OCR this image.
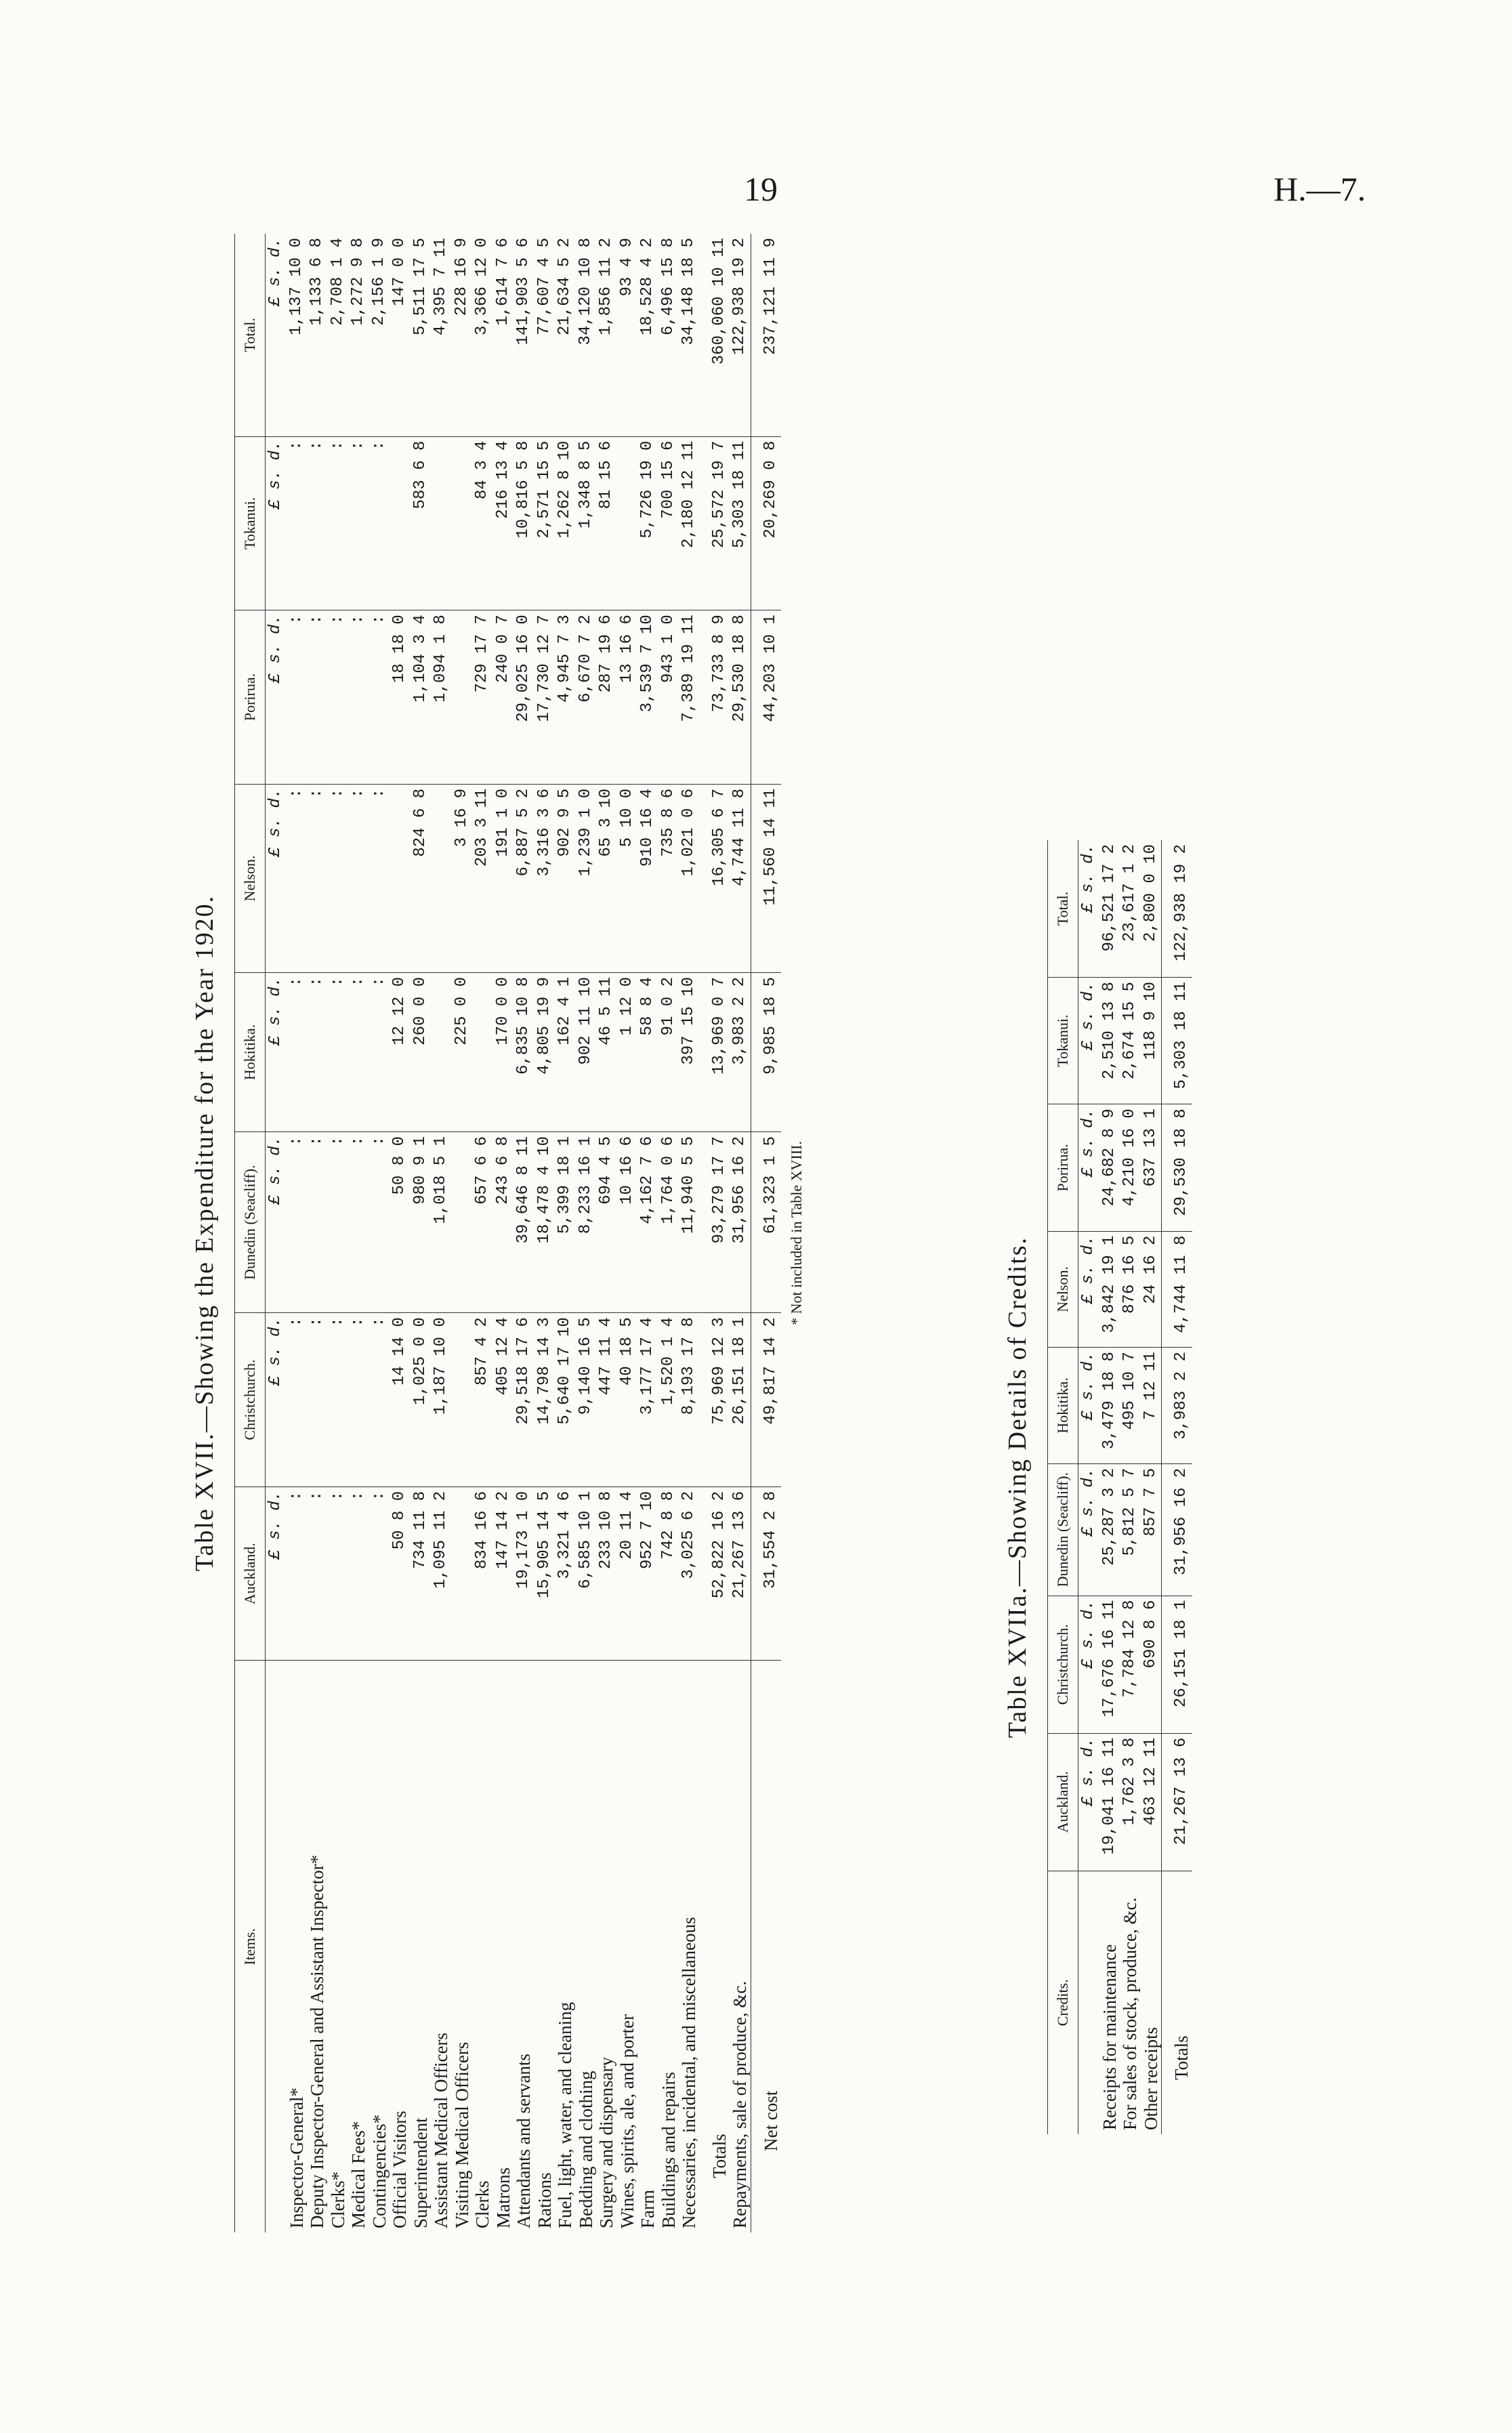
19	H.—7.
Table XVII.—Showing the Expenditure for the Year 1920.
Items.	Auckland.	Christchurch.	Dunedin (Seacliff).	Hokitika.	Nelson.	Porirua.	Tokanui.	Total.
	£ s. d.	£ s. d.	£ s. d.	£ s. d.	£ s. d.	£ s. d.	£ s. d.	£ s. d.
Inspector-General*	:	:	:	:	:	:	:	1,137 10 0
Deputy Inspector-General and Assistant Inspector*	:	:	:	:	:	:	:	1,133 6 8
Clerks*	:	:	:	:	:	:	:	2,708 1 4
Medical Fees*	:	:	:	:	:	:	:	1,272 9 8
Contingencies*	:	:	:	:	:	:	:	2,156 1 9
Official Visitors	50 8 0	14 14 0	50 8 0	12 12 0		18 18 0		147 0 0
Superintendent	734 11 8	1,025 0 0	980 9 1	260 0 0	824 6 8	1,104 3 4	583 6 8	5,511 17 5
Assistant Medical Officers	1,095 11 2	1,187 10 0	1,018 5 1			1,094 1 8		4,395 7 11
Visiting Medical Officers				225 0 0	3 16 9			228 16 9
Clerks	834 16 6	857 4 2	657 6 6		203 3 11	729 17 7	84 3 4	3,366 12 0
Matrons	147 14 2	405 12 4	243 6 8	170 0 0	191 1 0	240 0 7	216 13 4	1,614 7 6
Attendants and servants	19,173 1 0	29,518 17 6	39,646 8 11	6,835 10 8	6,887 5 2	29,025 16 0	10,816 5 8	141,903 5 6
Rations	15,905 14 5	14,798 14 3	18,478 4 10	4,805 19 9	3,316 3 6	17,730 12 7	2,571 15 5	77,607 4 5
Fuel, light, water, and cleaning	3,321 4 6	5,640 17 10	5,399 18 1	162 4 1	902 9 5	4,945 7 3	1,262 8 10	21,634 5 2
Bedding and clothing	6,585 10 1	9,140 16 5	8,233 16 1	902 11 10	1,239 1 0	6,670 7 2	1,348 8 5	34,120 10 8
Surgery and dispensary	233 10 8	447 11 4	694 4 5	46 5 11	65 3 10	287 19 6	81 15 6	1,856 11 2
Wines, spirits, ale, and porter	20 11 4	40 18 5	10 16 6	1 12 0	5 10 0	13 16 6		93 4 9
Farm	952 7 10	3,177 17 4	4,162 7 6	58 8 4	910 16 4	3,539 7 10	5,726 19 0	18,528 4 2
Buildings and repairs	742 8 8	1,520 1 4	1,764 0 6	91 0 2	735 8 6	943 1 0	700 15 6	6,496 15 8
Necessaries, incidental, and miscellaneous	3,025 6 2	8,193 17 8	11,940 5 5	397 15 10	1,021 0 6	7,389 19 11	2,180 12 11	34,148 18 5

Totals	52,822 16 2	75,969 12 3	93,279 17 7	13,969 0 7	16,305 6 7	73,733 8 9	25,572 19 7	360,060 10 11
Repayments, sale of produce, &c.	21,267 13 6	26,151 18 1	31,956 16 2	3,983 2 2	4,744 11 8	29,530 18 8	5,303 18 11	122,938 19 2

Net cost	31,554 2 8	49,817 14 2	61,323 1 5	9,985 18 5	11,560 14 11	44,203 10 1	20,269 0 8	237,121 11 9
* Not included in Table XVIII.
Table XVIIa.—Showing Details of Credits.
Credits.	Auckland.	Christchurch.	Dunedin (Seacliff).	Hokitika.	Nelson.	Porirua.	Tokanui.	Total.
	£ s. d.	£ s. d.	£ s. d.	£ s. d.	£ s. d.	£ s. d.	£ s. d.	£ s. d.
Receipts for maintenance	19,041 16 11	17,676 16 11	25,287 3 2	3,479 18 8	3,842 19 1	24,682 8 9	2,510 13 8	96,521 17 2
For sales of stock, produce, &c.	1,762 3 8	7,784 12 8	5,812 5 7	495 10 7	876 16 5	4,210 16 0	2,674 15 5	23,617 1 2
Other receipts	463 12 11	690 8 6	857 7 5	7 12 11	24 16 2	637 13 1	118 9 10	2,800 0 10

Totals	21,267 13 6	26,151 18 1	31,956 16 2	3,983 2 2	4,744 11 8	29,530 18 8	5,303 18 11	122,938 19 2
